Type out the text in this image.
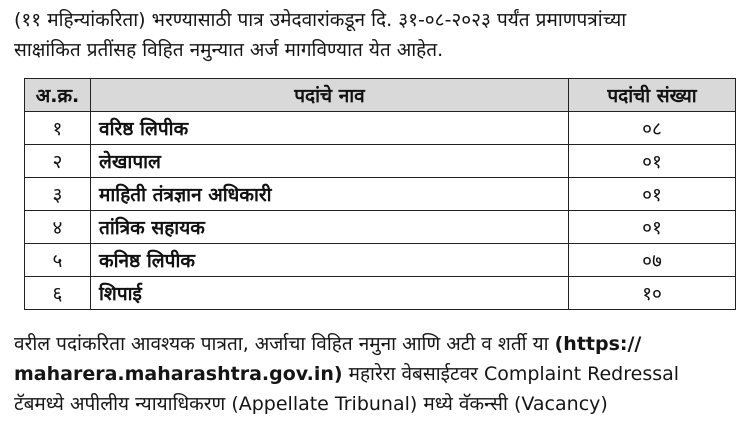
(११ महिन्यांकरिता) भरण्यासाठी पात्र उमेदवारांकडून दि. ३१-०८-२०२३ पर्यंत प्रमाणपत्रांच्या
साक्षांकित प्रतींसह विहित नमुन्यात अर्ज मागविण्यात येत आहेत.
अ.क्र.	पदांचे नाव	पदांची संख्या
१	वरिष्ठ लिपीक	०८
२	लेखापाल	०१
३	माहिती तंत्रज्ञान अधिकारी	०१
४	तांत्रिक सहायक	०१
५	कनिष्ठ लिपीक	०७
६	शिपाई	१०
वरील पदांकरिता आवश्यक पात्रता, अर्जाचा विहित नमुना आणि अटी व शर्ती या (https://
maharera.maharashtra.gov.in) महारेरा वेबसाईटवर Complaint Redressal
टॅबमध्ये अपीलीय न्यायाधिकरण (Appellate Tribunal) मध्ये वॅकन्सी (Vacancy)
